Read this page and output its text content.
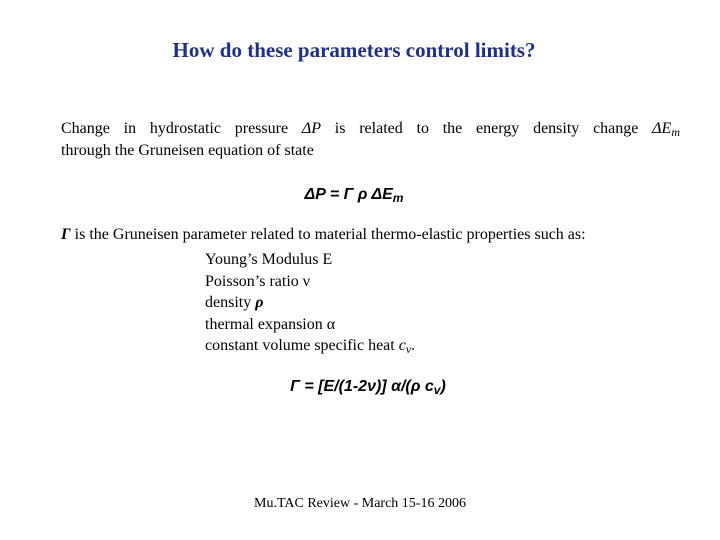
How do these parameters control limits?
Change in hydrostatic pressure ΔP is related to the energy density change $\Delta E_m$
through the Gruneisen equation of state
ΔP = Γ ρ $\Delta E_m$
Γ is the Gruneisen parameter related to material thermo-elastic properties such as:
Young’s Modulus E
Poisson’s ratio ν
density ρ
thermal expansion α
constant volume specific heat $c_v$.
Γ = [E/(1-2ν)] α/(ρ $c_v$)
Mu.TAC Review - March 15-16 2006
